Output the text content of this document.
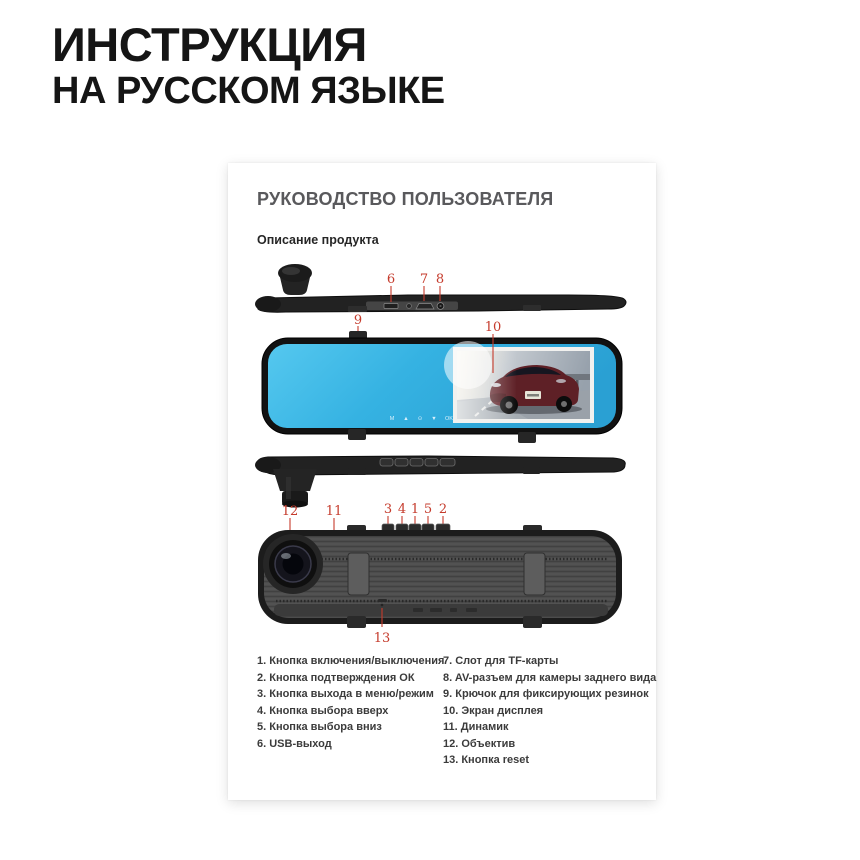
ИНСТРУКЦИЯ
НА РУССКОМ ЯЗЫКЕ
РУКОВОДСТВО ПОЛЬЗОВАТЕЛЯ
Описание продукта
6 7 8
9	10
M ▲ ⊙ ▼ OK
12 11	3 4 1 5 2
13
1. Кнопка включения/выключения
2. Кнопка подтверждения ОК
3. Кнопка выхода в меню/режим
4. Кнопка выбора вверх
5. Кнопка выбора вниз
6. USB-выход
7. Слот для TF-карты
8. AV-разъем для камеры заднего вида
9. Крючок для фиксирующих резинок
10. Экран дисплея
11. Динамик
12. Объектив
13. Кнопка reset
